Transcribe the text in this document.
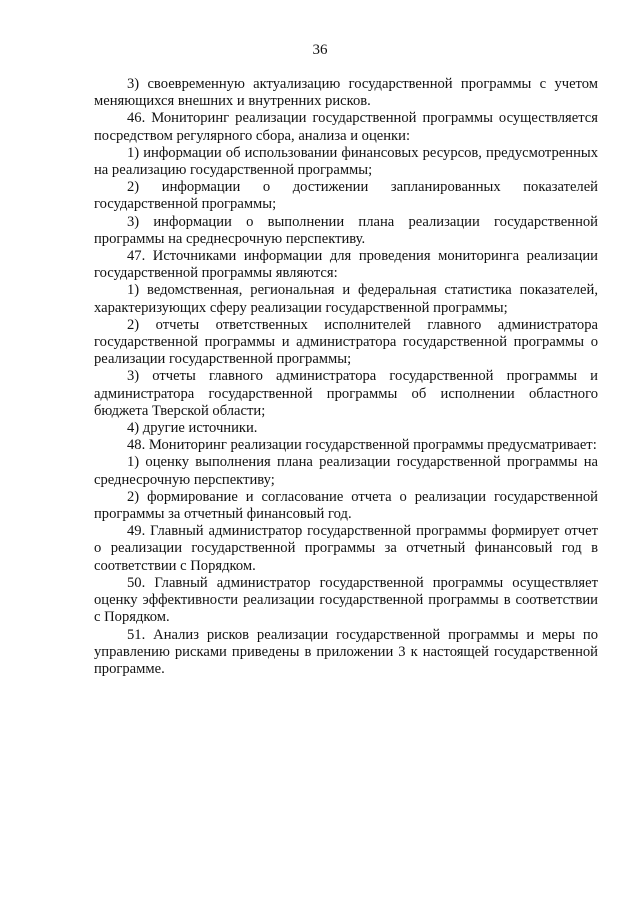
36

3) своевременную актуализацию государственной программы с учетом меняющихся внешних и внутренних рисков.

46. Мониторинг реализации государственной программы осуществляется посредством регулярного сбора, анализа и оценки:

1) информации об использовании финансовых ресурсов, предусмотренных на реализацию государственной программы;

2) информации о достижении запланированных показателей государственной программы;

3) информации о выполнении плана реализации государственной программы на среднесрочную перспективу.

47. Источниками информации для проведения мониторинга реализации государственной программы являются:

1) ведомственная, региональная и федеральная статистика показателей, характеризующих сферу реализации государственной программы;

2) отчеты ответственных исполнителей главного администратора государственной программы и администратора государственной программы о реализации государственной программы;

3) отчеты главного администратора государственной программы и администратора государственной программы об исполнении областного бюджета Тверской области;

4) другие источники.

48. Мониторинг реализации государственной программы предусматривает:

1) оценку выполнения плана реализации государственной программы на среднесрочную перспективу;

2) формирование и согласование отчета о реализации государственной программы за отчетный финансовый год.

49. Главный администратор государственной программы формирует отчет о реализации государственной программы за отчетный финансовый год в соответствии с Порядком.

50. Главный администратор государственной программы осуществляет оценку эффективности реализации государственной программы в соответствии с Порядком.

51. Анализ рисков реализации государственной программы и меры по управлению рисками приведены в приложении 3 к настоящей государственной программе.
